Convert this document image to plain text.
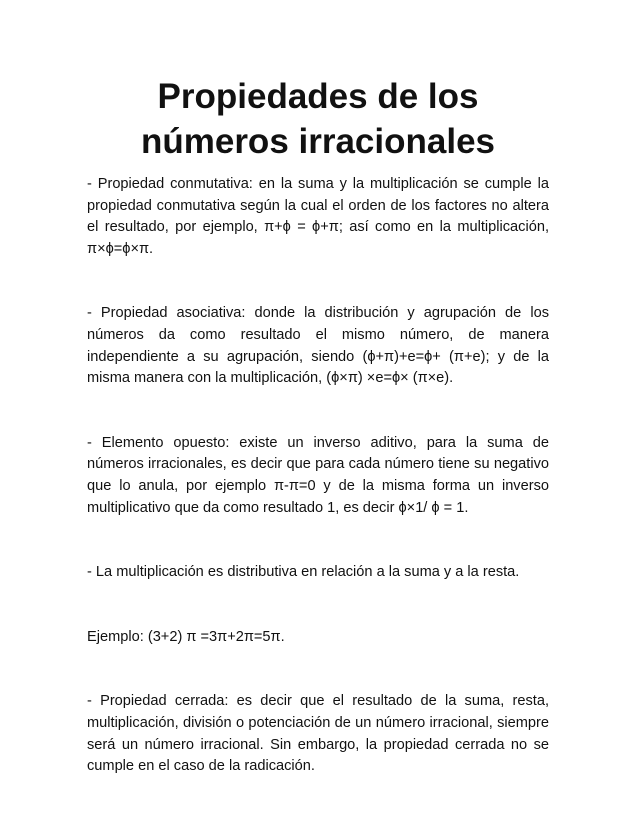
Propiedades de los números irracionales

- Propiedad conmutativa: en la suma y la multiplicación se cumple la propiedad conmutativa según la cual el orden de los factores no altera el resultado, por ejemplo, π+ϕ = ϕ+π; así como en la multiplicación, π×ϕ=ϕ×π.

- Propiedad asociativa: donde la distribución y agrupación de los números da como resultado el mismo número, de manera independiente a su agrupación, siendo (ϕ+π)+e=ϕ+ (π+e); y de la misma manera con la multiplicación, (ϕ×π) ×e=ϕ× (π×e).

- Elemento opuesto: existe un inverso aditivo, para la suma de números irracionales, es decir que para cada número tiene su negativo que lo anula, por ejemplo π-π=0 y de la misma forma un inverso multiplicativo que da como resultado 1, es decir ϕ×1/ ϕ = 1.

- La multiplicación es distributiva en relación a la suma y a la resta.

Ejemplo: (3+2) π =3π+2π=5π.

- Propiedad cerrada: es decir que el resultado de la suma, resta, multiplicación, división o potenciación de un número irracional, siempre será un número irracional. Sin embargo, la propiedad cerrada no se cumple en el caso de la radicación.
